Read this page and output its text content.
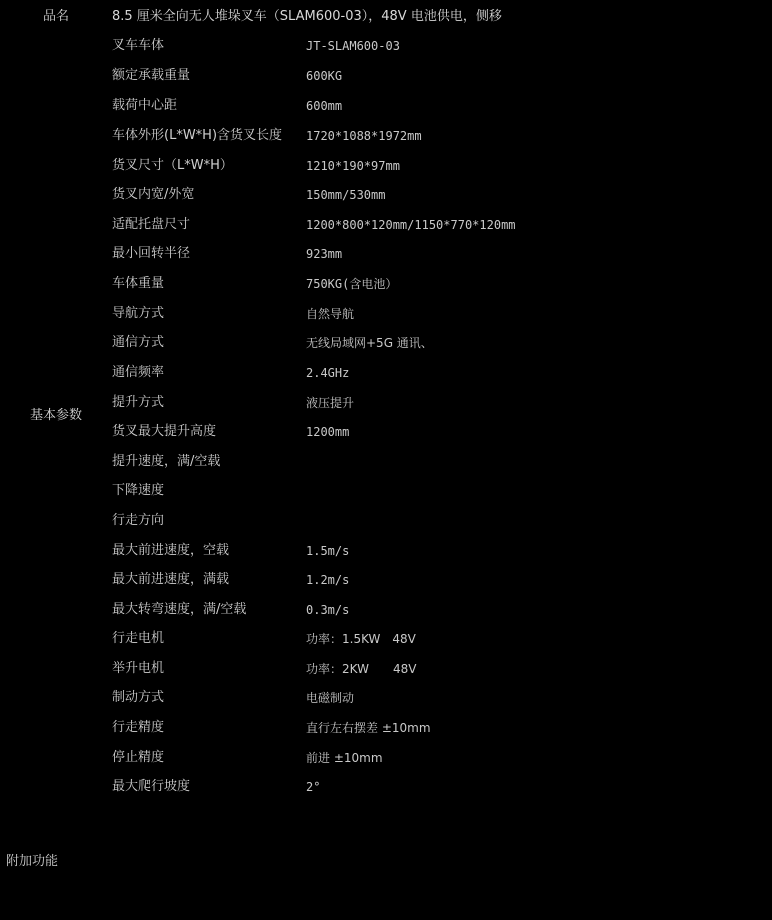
品名	8.5 厘米全向无人堆垛叉车（SLAM600-03），48V 电池供电，侧移
基本参数
叉车车体	JT-SLAM600-03
额定承载重量	600KG
载荷中心距	600mm
车体外形(L*W*H)含货叉长度	1720*1088*1972mm
货叉尺寸（L*W*H）	1210*190*97mm
货叉内宽/外宽	150mm/530mm
适配托盘尺寸	1200*800*120mm/1150*770*120mm
最小回转半径	923mm
车体重量	750KG(含电池）
导航方式	自然导航
通信方式	无线局域网+5G 通讯、
通信频率	2.4GHz
提升方式	液压提升
货叉最大提升高度	1200mm
提升速度，满/空载
下降速度
行走方向
最大前进速度，空载	1.5m/s
最大前进速度，满载	1.2m/s
最大转弯速度，满/空载	0.3m/s
行走电机	功率：1.5KW　48V
举升电机	功率：2KW　　48V
制动方式	电磁制动
行走精度	直行左右摆差 ±10mm
停止精度	前进 ±10mm
最大爬行坡度	2°
附加功能
